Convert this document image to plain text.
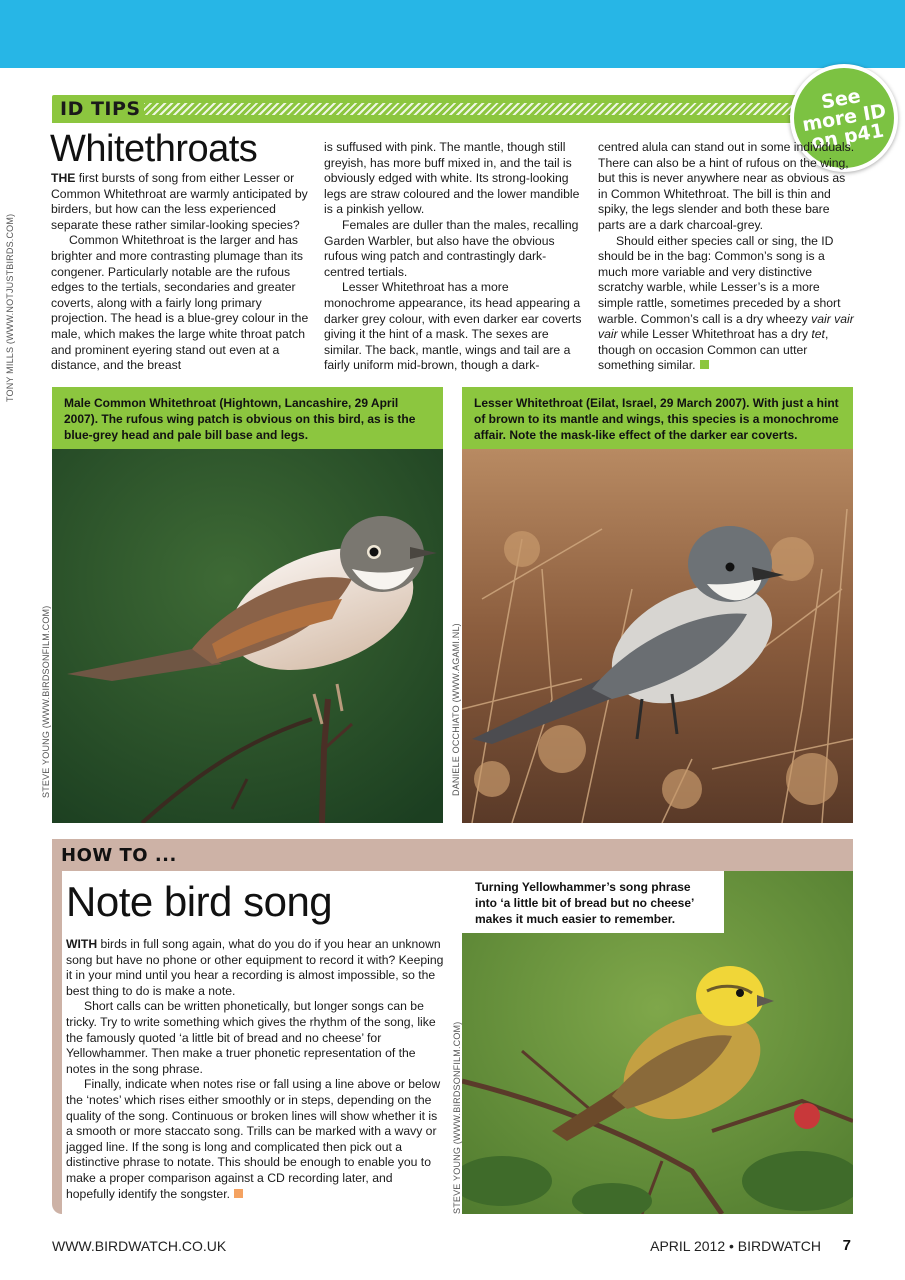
ID TIPS	See
more ID
on p41
Whitethroats
TONY MILLS (WWW.NOTJUSTBIRDS.COM)

THE first bursts of song from either Lesser or Common Whitethroat are warmly anticipated by birders, but how can the less experienced separate these rather similar-looking species?

Common Whitethroat is the larger and has brighter and more contrasting plumage than its congener. Particularly notable are the rufous edges to the tertials, secondaries and greater coverts, along with a fairly long primary projection. The head is a blue-grey colour in the male, which makes the large white throat patch and prominent eyering stand out even at a distance, and the breast

is suffused with pink. The mantle, though still greyish, has more buff mixed in, and the tail is obviously edged with white. Its strong-looking legs are straw coloured and the lower mandible is a pinkish yellow.

Females are duller than the males, recalling Garden Warbler, but also have the obvious rufous wing patch and contrastingly dark-centred tertials.

Lesser Whitethroat has a more monochrome appearance, its head appearing a darker grey colour, with even darker ear coverts giving it the hint of a mask. The sexes are similar. The back, mantle, wings and tail are a fairly uniform mid-brown, though a dark-

centred alula can stand out in some individuals. There can also be a hint of rufous on the wing, but this is never anywhere near as obvious as in Common Whitethroat. The bill is thin and spiky, the legs slender and both these bare parts are a dark charcoal-grey.

Should either species call or sing, the ID should be in the bag: Common’s song is a much more variable and very distinctive scratchy warble, while Lesser’s is a more simple rattle, sometimes preceded by a short warble. Common’s call is a dry wheezy vair vair vair while Lesser Whitethroat has a dry tet, though on occasion Common can utter something similar.

Male Common Whitethroat (Hightown, Lancashire, 29 April 2007). The rufous wing patch is obvious on this bird, as is the blue-grey head and pale bill base and legs.
Lesser Whitethroat (Eilat, Israel, 29 March 2007). With just a hint of brown to its mantle and wings, this species is a monochrome affair. Note the mask-like effect of the darker ear coverts.
STEVE YOUNG (WWW.BIRDSONFILM.COM)	DANIELE OCCHIATO (WWW.AGAMI.NL)
HOW TO ...
Note bird song

WITH birds in full song again, what do you do if you hear an unknown song but have no phone or other equipment to record it with? Keeping it in your mind until you hear a recording is almost impossible, so the best thing to do is make a note.

Short calls can be written phonetically, but longer songs can be tricky. Try to write something which gives the rhythm of the song, like the famously quoted ‘a little bit of bread and no cheese’ for Yellowhammer. Then make a truer phonetic representation of the notes in the song phrase.

Finally, indicate when notes rise or fall using a line above or below the ‘notes’ which rises either smoothly or in steps, depending on the quality of the song. Continuous or broken lines will show whether it is a smooth or more staccato song. Trills can be marked with a wavy or jagged line. If the song is long and complicated then pick out a distinctive phrase to notate. This should be enough to enable you to make a proper comparison against a CD recording later, and hopefully identify the songster.

Turning Yellowhammer’s song phrase into ‘a little bit of bread but no cheese’ makes it much easier to remember.
STEVE YOUNG (WWW.BIRDSONFILM.COM)
WWW.BIRDWATCH.CO.UK	APRIL 2012 • BIRDWATCH 7
